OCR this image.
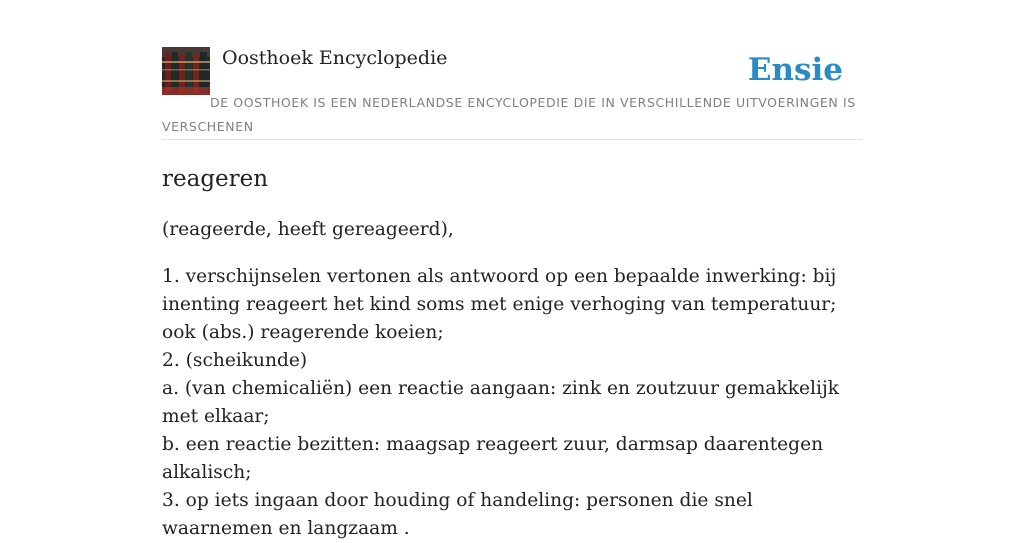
Oosthoek Encyclopedie	Ensie
DE OOSTHOEK IS EEN NEDERLANDSE ENCYCLOPEDIE DIE IN VERSCHILLENDE UITVOERINGEN IS VERSCHENEN
reageren
(reageerde, heeft gereageerd),
1. verschijnselen vertonen als antwoord op een bepaalde inwerking: bij inenting reageert het kind soms met enige verhoging van temperatuur; ook (abs.) reagerende koeien;
2. (scheikunde)
a. (van chemicaliën) een reactie aangaan: zink en zoutzuur gemakkelijk met elkaar;
b. een reactie bezitten: maagsap reageert zuur, darmsap daarentegen alkalisch;
3. op iets ingaan door houding of handeling: personen die snel waarnemen en langzaam .
